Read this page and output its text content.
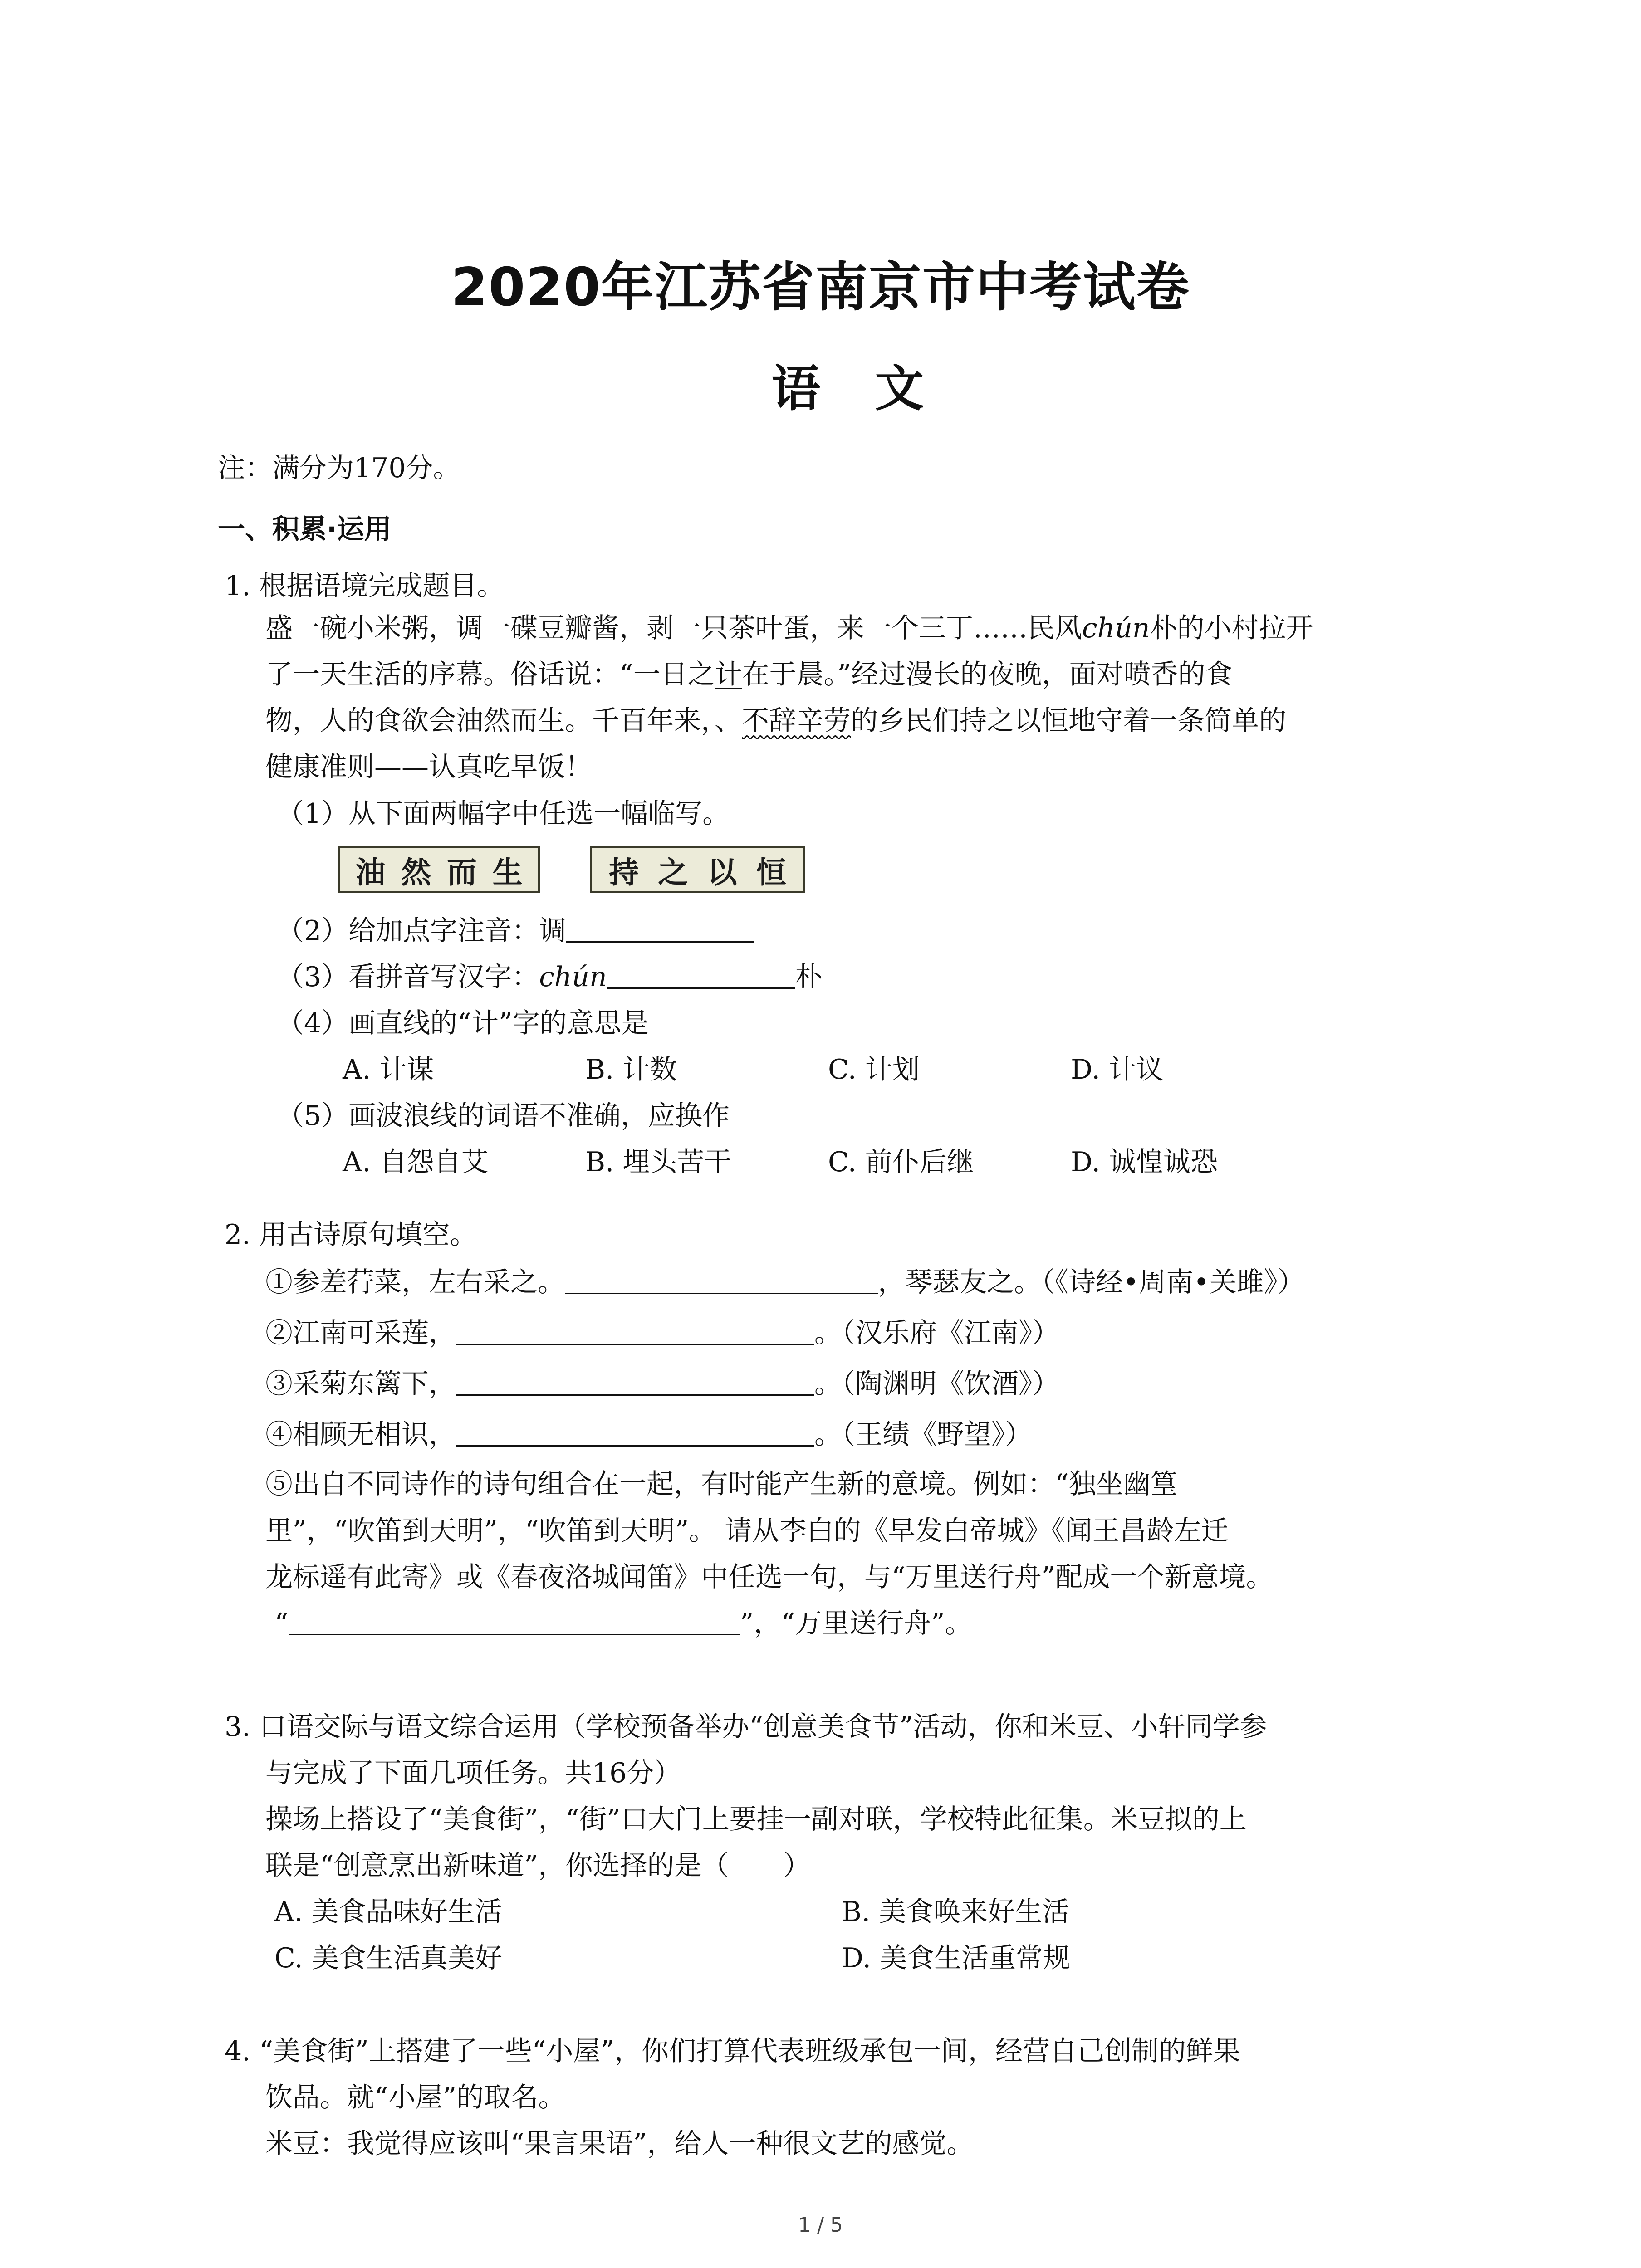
2020年江苏省南京市中考试卷
语文
注：满分为170分。
一、积累·运用
1. 根据语境完成题目。
盛一碗小米粥，调一碟豆瓣酱，剥一只茶叶蛋，来一个三丁……民风chún朴的小村拉开
了一天生活的序幕。俗话说：“一日之计在于晨。”经过漫长的夜晚，面对喷香的食
物，人的食欲会油然而生。千百年来，、不辞辛劳的乡民们持之以恒地守着一条简单的
健康准则——认真吃早饭！
（1）从下面两幅字中任选一幅临写。
油 然 而 生	持 之 以 恒
（2）给加点字注音：调
（3）看拼音写汉字：chún	朴
（4）画直线的“计”字的意思是
A. 计谋	B. 计数	C. 计划	D. 计议
（5）画波浪线的词语不准确，应换作
A. 自怨自艾	B. 埋头苦干	C. 前仆后继	D. 诚惶诚恐
2. 用古诗原句填空。
①参差荇菜，左右采之。	，琴瑟友之。（《诗经•周南•关雎》）
②江南可采莲，	。（汉乐府《江南》）
③采菊东篱下，	。（陶渊明《饮酒》）
④相顾无相识，	。（王绩《野望》）
⑤出自不同诗作的诗句组合在一起，有时能产生新的意境。例如：“独坐幽篁
里”，“吹笛到天明”，“吹笛到天明”。 请从李白的《早发白帝城》《闻王昌龄左迁
龙标遥有此寄》或《春夜洛城闻笛》中任选一句，与“万里送行舟”配成一个新意境。
“	”，“万里送行舟”。
3. 口语交际与语文综合运用（学校预备举办“创意美食节”活动，你和米豆、小轩同学参
与完成了下面几项任务。共16分）
操场上搭设了“美食街”，“街”口大门上要挂一副对联，学校特此征集。米豆拟的上
联是“创意烹出新味道”，你选择的是（　　）
A. 美食品味好生活	B. 美食唤来好生活
C. 美食生活真美好	D. 美食生活重常规
4. “美食街”上搭建了一些“小屋”，你们打算代表班级承包一间，经营自己创制的鲜果
饮品。就“小屋”的取名。
米豆：我觉得应该叫“果言果语”，给人一种很文艺的感觉。
1 / 5
